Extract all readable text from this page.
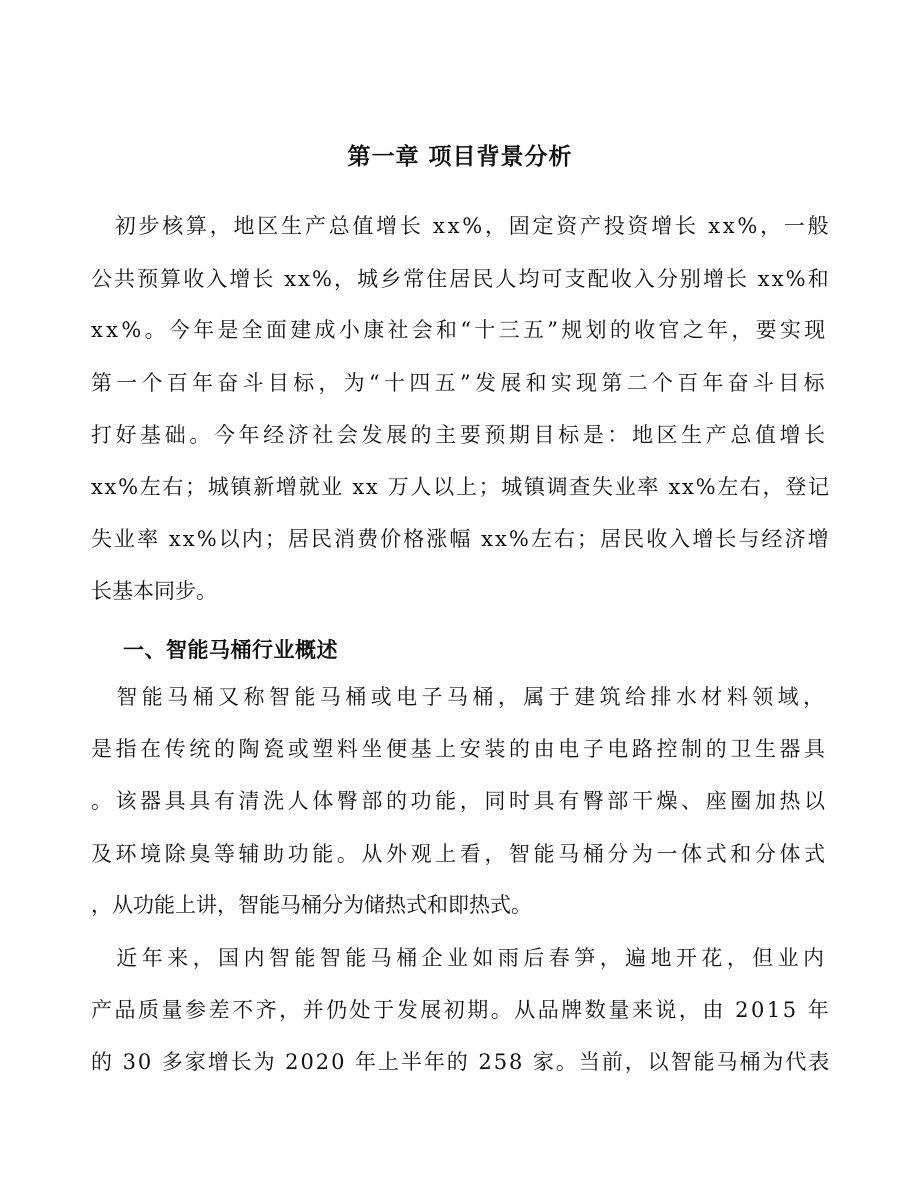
第一章 项目背景分析
　初步核算，地区生产总值增长 xx%，固定资产投资增长 xx%，一般
公共预算收入增长 xx%，城乡常住居民人均可支配收入分别增长 xx%和
xx%。今年是全面建成小康社会和“十三五”规划的收官之年，要实现
第一个百年奋斗目标，为“十四五”发展和实现第二个百年奋斗目标
打好基础。今年经济社会发展的主要预期目标是：地区生产总值增长
xx%左右；城镇新增就业 xx 万人以上；城镇调查失业率 xx%左右，登记
失业率 xx%以内；居民消费价格涨幅 xx%左右；居民收入增长与经济增
长基本同步。
一、智能马桶行业概述
　智能马桶又称智能马桶或电子马桶，属于建筑给排水材料领域，
是指在传统的陶瓷或塑料坐便基上安装的由电子电路控制的卫生器具
。该器具具有清洗人体臀部的功能，同时具有臀部干燥、座圈加热以
及环境除臭等辅助功能。从外观上看，智能马桶分为一体式和分体式
，从功能上讲，智能马桶分为储热式和即热式。
　近年来，国内智能智能马桶企业如雨后春笋，遍地开花，但业内
产品质量参差不齐，并仍处于发展初期。从品牌数量来说，由 2015 年
的 30 多家增长为 2020 年上半年的 258 家。当前，以智能马桶为代表
